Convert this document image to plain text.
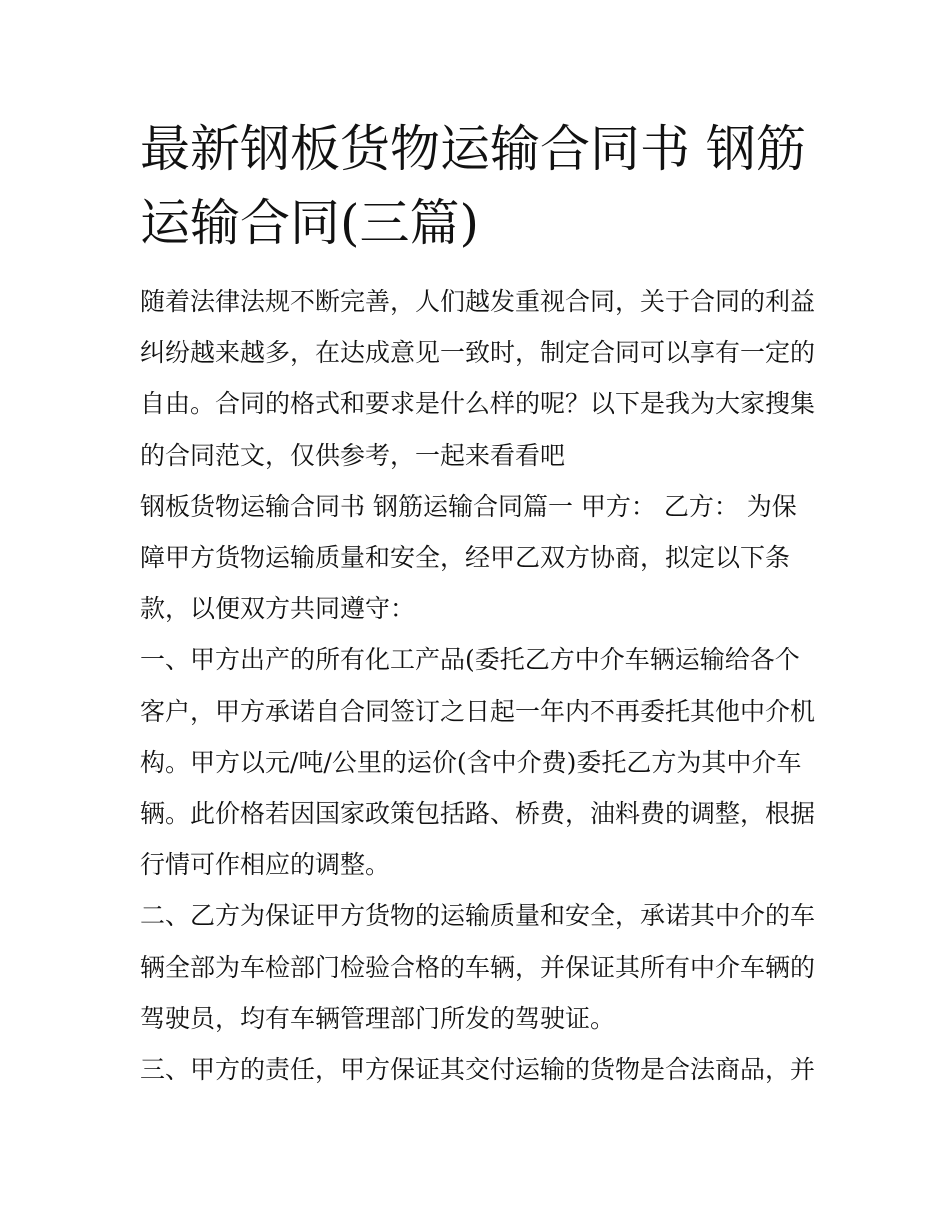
最新钢板货物运输合同书 钢筋
运输合同(三篇)

随着法律法规不断完善，人们越发重视合同，关于合同的利益
纠纷越来越多，在达成意见一致时，制定合同可以享有一定的
自由。合同的格式和要求是什么样的呢？以下是我为大家搜集
的合同范文，仅供参考，一起来看看吧

钢板货物运输合同书 钢筋运输合同篇一 甲方： 乙方： 为保
障甲方货物运输质量和安全，经甲乙双方协商，拟定以下条
款，以便双方共同遵守：

一、甲方出产的所有化工产品(委托乙方中介车辆运输给各个
客户，甲方承诺自合同签订之日起一年内不再委托其他中介机
构。甲方以元/吨/公里的运价(含中介费)委托乙方为其中介车
辆。此价格若因国家政策包括路、桥费，油料费的调整，根据
行情可作相应的调整。

二、乙方为保证甲方货物的运输质量和安全，承诺其中介的车
辆全部为车检部门检验合格的车辆，并保证其所有中介车辆的
驾驶员，均有车辆管理部门所发的驾驶证。

三、甲方的责任，甲方保证其交付运输的货物是合法商品，并
